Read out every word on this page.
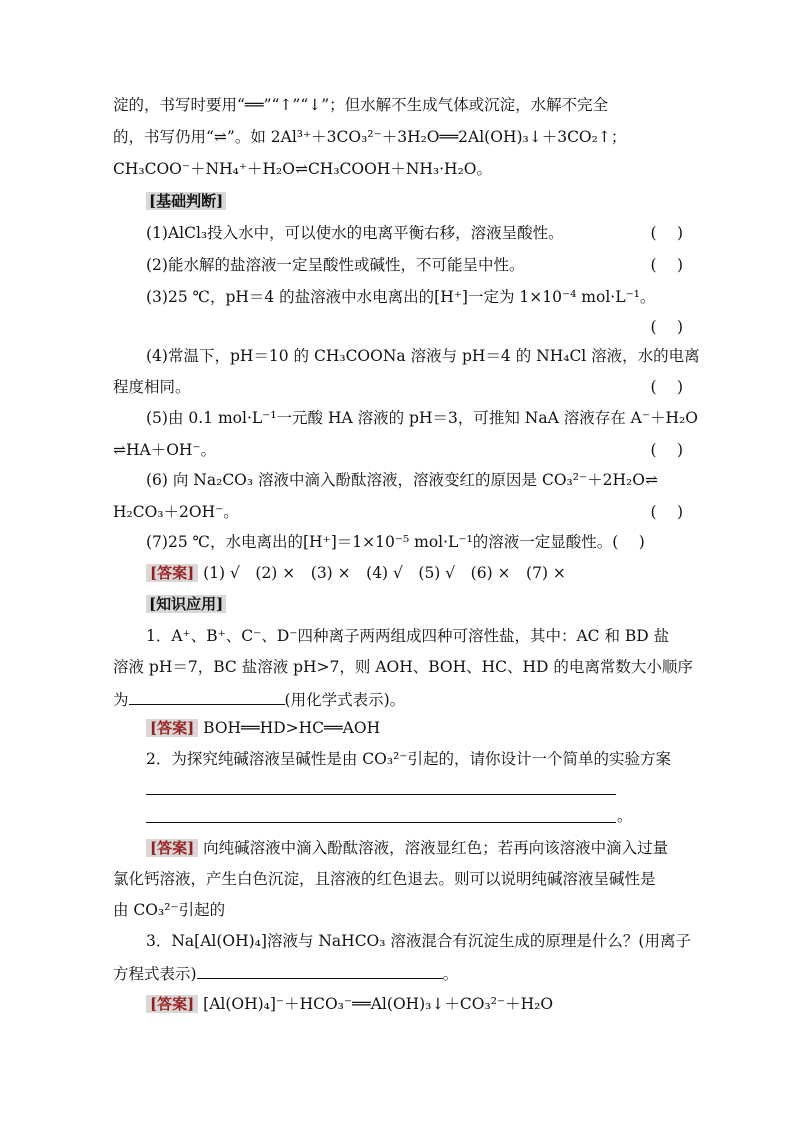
淀的，书写时要用“══”“↑”“↓”；但水解不生成气体或沉淀，水解不完全
的，书写仍用“⇌”。如 2Al³⁺＋3CO₃²⁻＋3H₂O══2Al(OH)₃↓＋3CO₂↑；
CH₃COO⁻＋NH₄⁺＋H₂O⇌CH₃COOH＋NH₃·H₂O。
[基础判断]
(1)AlCl₃投入水中，可以使水的电离平衡右移，溶液呈酸性。	(　 )
(2)能水解的盐溶液一定呈酸性或碱性，不可能呈中性。	(　 )
(3)25 ℃，pH＝4 的盐溶液中水电离出的[H⁺]一定为 1×10⁻⁴ mol·L⁻¹。
(　 )
(4)常温下，pH＝10 的 CH₃COONa 溶液与 pH＝4 的 NH₄Cl 溶液，水的电离
程度相同。	(　 )
(5)由 0.1 mol·L⁻¹一元酸 HA 溶液的 pH＝3，可推知 NaA 溶液存在 A⁻＋H₂O
⇌HA＋OH⁻。	(　 )
(6) 向 Na₂CO₃ 溶液中滴入酚酞溶液，溶液变红的原因是 CO₃²⁻＋2H₂O⇌
H₂CO₃＋2OH⁻。	(　 )
(7)25 ℃，水电离出的[H⁺]＝1×10⁻⁵ mol·L⁻¹的溶液一定显酸性。(　 )
[答案] (1) √　(2) ×　(3) ×　(4) √　(5) √　(6) ×　(7) ×
[知识应用]
1．A⁺、B⁺、C⁻、D⁻四种离子两两组成四种可溶性盐，其中：AC 和 BD 盐
溶液 pH＝7，BC 盐溶液 pH>7，则 AOH、BOH、HC、HD 的电离常数大小顺序
为	(用化学式表示)。
[答案] BOH══HD>HC══AOH
2．为探究纯碱溶液呈碱性是由 CO₃²⁻引起的，请你设计一个简单的实验方案
。
[答案] 向纯碱溶液中滴入酚酞溶液，溶液显红色；若再向该溶液中滴入过量
氯化钙溶液，产生白色沉淀，且溶液的红色退去。则可以说明纯碱溶液呈碱性是
由 CO₃²⁻引起的
3．Na[Al(OH)₄]溶液与 NaHCO₃ 溶液混合有沉淀生成的原理是什么？(用离子
方程式表示)	。
[答案] [Al(OH)₄]⁻＋HCO₃⁻══Al(OH)₃↓＋CO₃²⁻＋H₂O
